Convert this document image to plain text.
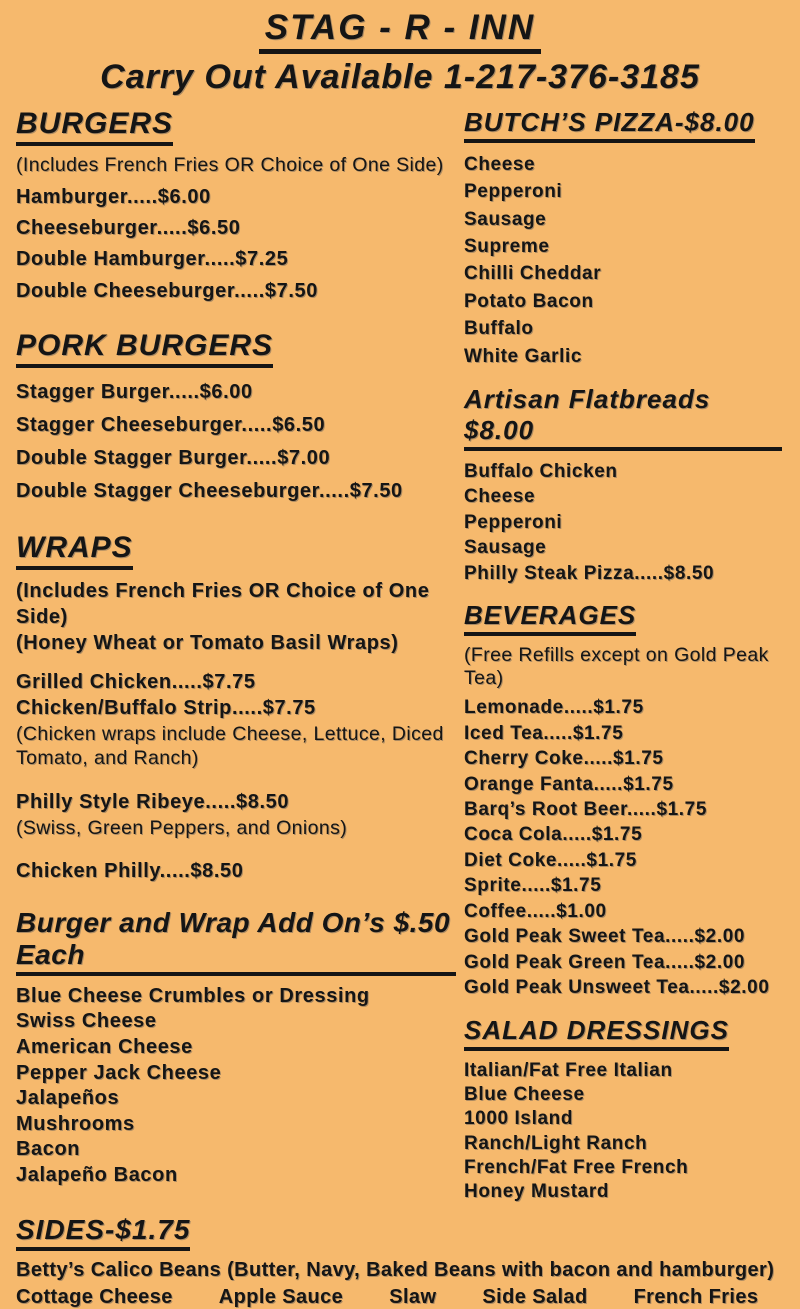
STAG - R - INN
Carry Out Available 1-217-376-3185
BURGERS
(Includes French Fries OR Choice of One Side)
Hamburger.....$6.00
Cheeseburger.....$6.50
Double Hamburger.....$7.25
Double Cheeseburger.....$7.50
PORK BURGERS
Stagger Burger.....$6.00
Stagger Cheeseburger.....$6.50
Double Stagger Burger.....$7.00
Double Stagger Cheeseburger.....$7.50
WRAPS
(Includes French Fries OR Choice of One Side)
(Honey Wheat or Tomato Basil Wraps)
Grilled Chicken.....$7.75
Chicken/Buffalo Strip.....$7.75
(Chicken wraps include Cheese, Lettuce, Diced Tomato, and Ranch)
Philly Style Ribeye.....$8.50
(Swiss, Green Peppers, and Onions)
Chicken Philly.....$8.50
Burger and Wrap Add On’s $.50 Each
Blue Cheese Crumbles or Dressing
Swiss Cheese
American Cheese
Pepper Jack Cheese
Jalapeños
Mushrooms
Bacon
Jalapeño Bacon
BUTCH’S PIZZA-$8.00
Cheese
Pepperoni
Sausage
Supreme
Chilli Cheddar
Potato Bacon
Buffalo
White Garlic
Artisan Flatbreads $8.00
Buffalo Chicken
Cheese
Pepperoni
Sausage
Philly Steak Pizza.....$8.50
BEVERAGES
(Free Refills except on Gold Peak Tea)
Lemonade.....$1.75
Iced Tea.....$1.75
Cherry Coke.....$1.75
Orange Fanta.....$1.75
Barq’s Root Beer.....$1.75
Coca Cola.....$1.75
Diet Coke.....$1.75
Sprite.....$1.75
Coffee.....$1.00
Gold Peak Sweet Tea.....$2.00
Gold Peak Green Tea.....$2.00
Gold Peak Unsweet Tea.....$2.00
SALAD DRESSINGS
Italian/Fat Free Italian
Blue Cheese
1000 Island
Ranch/Light Ranch
French/Fat Free French
Honey Mustard
SIDES-$1.75
Betty’s Calico Beans (Butter, Navy, Baked Beans with bacon and hamburger)
Cottage Cheese Apple Sauce Slaw Side Salad French Fries
